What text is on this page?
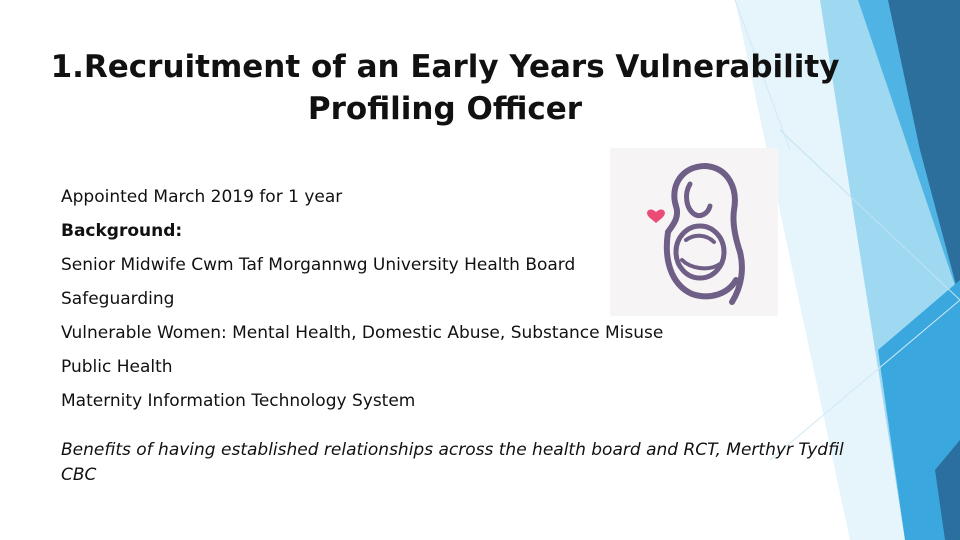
1.Recruitment of an Early Years Vulnerability Profiling Officer

Appointed March 2019 for 1 year

Background:

Senior Midwife Cwm Taf Morgannwg University Health Board

Safeguarding

Vulnerable Women: Mental Health, Domestic Abuse, Substance Misuse

Public Health

Maternity Information Technology System

Benefits of having established relationships across the health board and RCT, Merthyr Tydfil CBC
